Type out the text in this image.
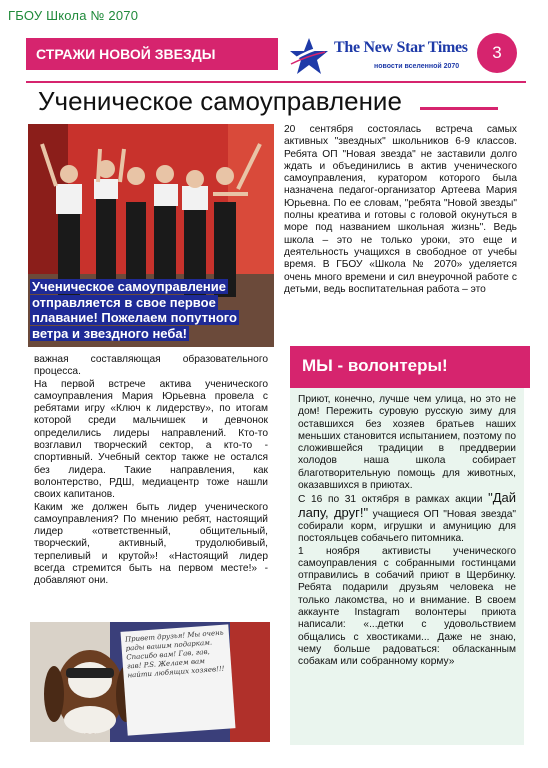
ГБОУ Школа № 2070
СТРАЖИ НОВОЙ ЗВЕЗДЫ	The New Star Times
новости вселенной 2070
3
Ученическое самоуправление
Ученическое самоуправление отправляется в свое первое плавание! Пожелаем попутного ветра и звездного неба!
20 сентября состоялась встреча самых активных "звездных" школьников 6-9 классов. Ребята ОП "Новая звезда" не заставили долго ждать и объединились в актив ученического самоуправления, куратором которого была назначена педагог-организатор Артеева Мария Юрьевна. По ее словам, "ребята "Новой звезды" полны креатива и готовы с головой окунуться в море под названием школьная жизнь". Ведь школа – это не только уроки, это еще и деятельность учащихся в свободное от учебы время. В ГБОУ «Школа № 2070» уделяется очень много времени и сил внеурочной работе с детьми, ведь воспитательная работа – это
важная составляющая образовательного процесса.
На первой встрече актива ученического самоуправления Мария Юрьевна провела с ребятами игру «Ключ к лидерству», по итогам которой среди мальчишек и девчонок определились лидеры направлений. Кто-то возглавил творческий сектор, а кто-то - спортивный. Учебный сектор также не остался без лидера. Такие направления, как волонтерство, РДШ, медиацентр тоже нашли своих капитанов.
Каким же должен быть лидер ученического самоуправления? По мнению ребят, настоящий лидер «ответственный, общительный, творческий, активный, трудолюбивый, терпеливый и крутой»! «Настоящий лидер всегда стремится быть на первом месте!» - добавляют они.
МЫ - волонтеры!
Приют, конечно, лучше чем улица, но это не дом! Пережить суровую русскую зиму для оставшихся без хозяев братьев наших меньших становится испытанием, поэтому по сложившейся традиции в преддверии холодов наша школа собирает благотворительную помощь для животных, оказавшихся в приютах.
С 16 по 31 октября в рамках акции "Дай лапу, друг!" учащиеся ОП "Новая звезда" собирали корм, игрушки и амуницию для постояльцев собачьего питомника.
1 ноября активисты ученического самоуправления с собранными гостинцами отправились в собачий приют в Щербинку. Ребята подарили друзьям человека не только лакомства, но и внимание. В своем аккаунте Instagram волонтеры приюта написали: «...детки с удовольствием общались с хвостиками... Даже не знаю, чему больше радоваться: обласканным собакам или собранному корму»
Привет друзья! Мы очень рады вашим подаркам. Спасибо вам! Гав, гав, гав! P.S. Желаем вам найти любящих хозяев!!!
